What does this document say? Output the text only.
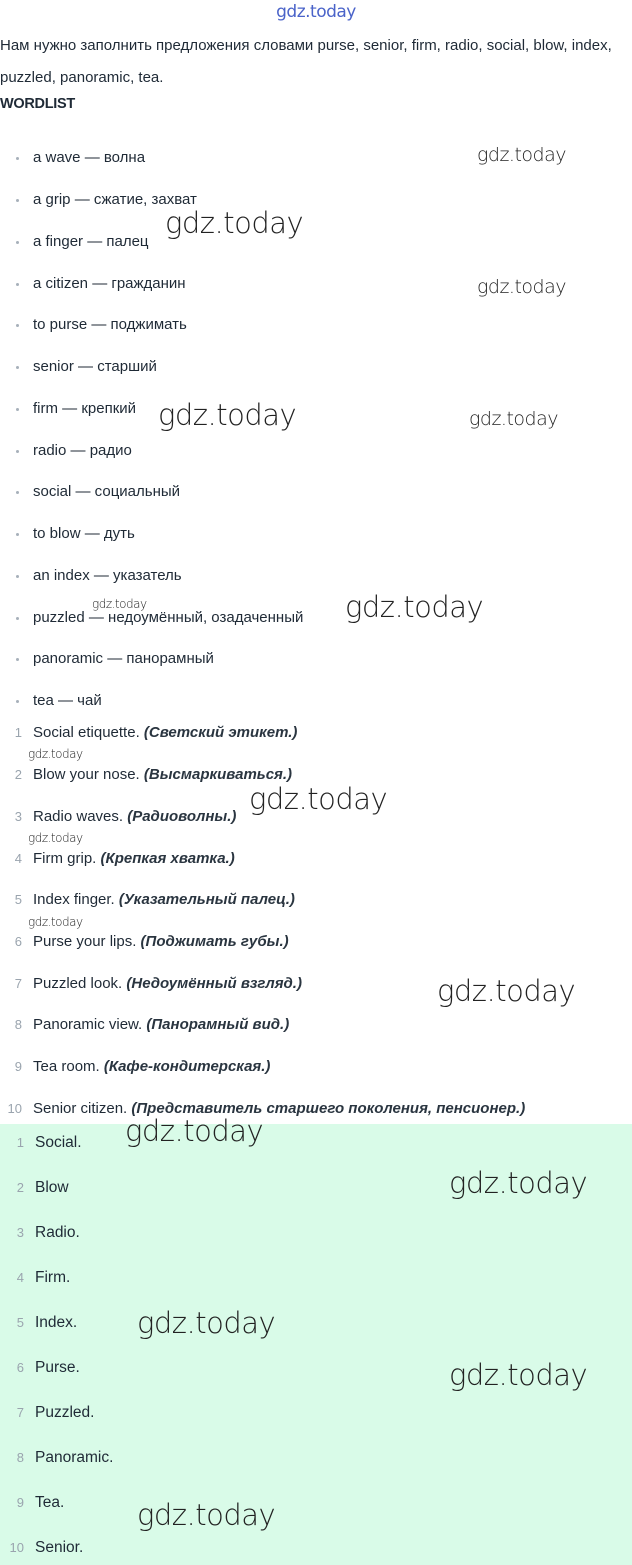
gdz.today
Нам нужно заполнить предложения словами purse, senior, firm, radio, social, blow, index, puzzled, panoramic, tea.
WORDLIST
a wave — волна
a grip — сжатие, захват
a finger — палец
a citizen — гражданин
to purse — поджимать
senior — старший
firm — крепкий
radio — радио
social — социальный
to blow — дуть
an index — указатель
puzzled — недоумённый, озадаченный
panoramic — панорамный
tea — чай
1 Social etiquette. (Светский этикет.)
2 Blow your nose. (Высмаркиваться.)
3 Radio waves. (Радиоволны.)
4 Firm grip. (Крепкая хватка.)
5 Index finger. (Указательный палец.)
6 Purse your lips. (Поджимать губы.)
7 Puzzled look. (Недоумённый взгляд.)
8 Panoramic view. (Панорамный вид.)
9 Tea room. (Кафе-кондитерская.)
10 Senior citizen. (Представитель старшего поколения, пенсионер.)
1 Social.
2 Blow
3 Radio.
4 Firm.
5 Index.
6 Purse.
7 Puzzled.
8 Panoramic.
9 Tea.
10 Senior.
gdz.today
gdz.today
gdz.today
gdz.today	gdz.today
gdz.today	gdz.today
gdz.today
gdz.today
gdz.today
gdz.today
gdz.today
gdz.today
gdz.today
gdz.today
gdz.today
gdz.today
